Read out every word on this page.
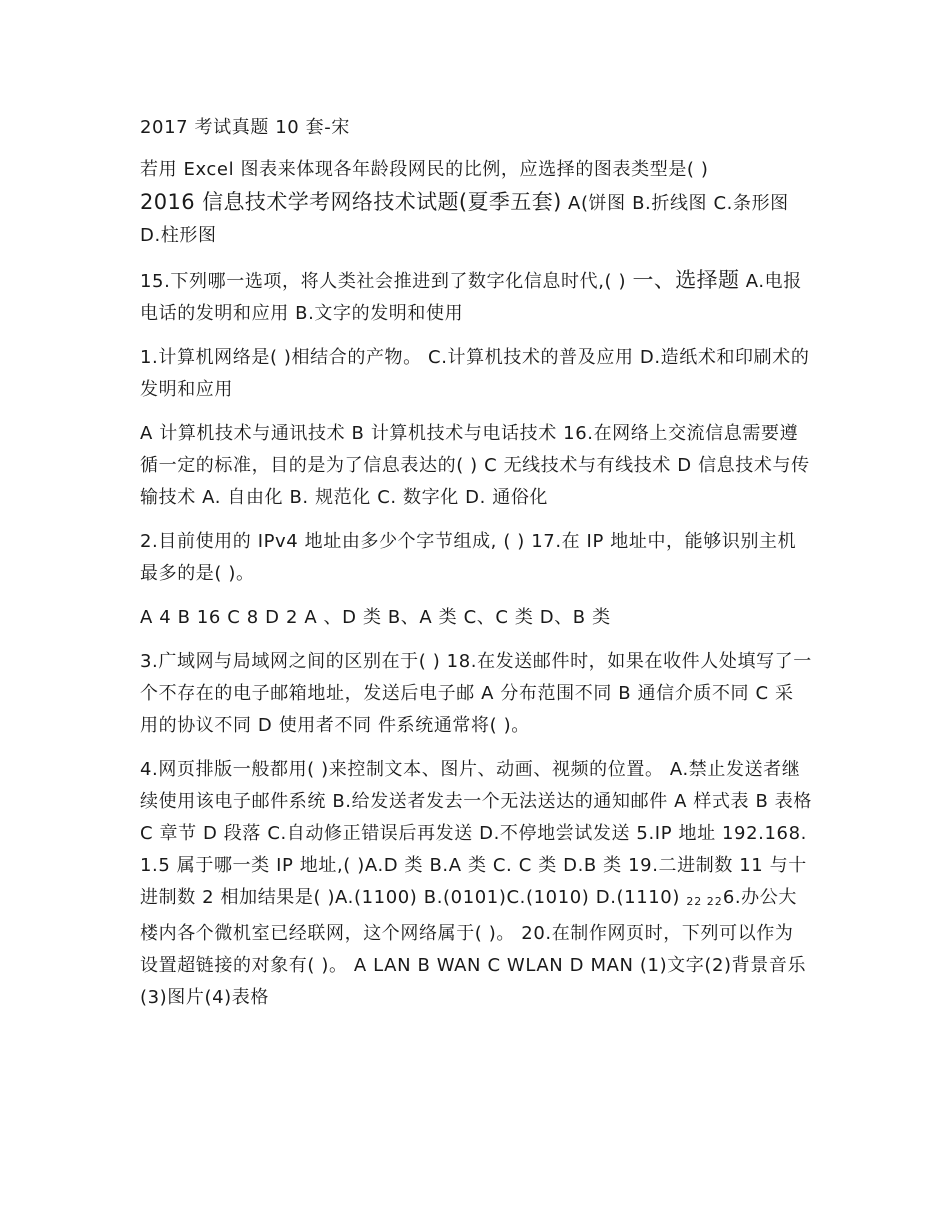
2017 考试真题 10 套-宋
若用 Excel 图表来体现各年龄段网民的比例，应选择的图表类型是( )
2016 信息技术学考网络技术试题(夏季五套) A(饼图 B.折线图 C.条形图 D.柱形图
15.下列哪一选项，将人类社会推进到了数字化信息时代,( ) 一、选择题 A.电报电话的发明和应用 B.文字的发明和使用
1.计算机网络是( )相结合的产物。 C.计算机技术的普及应用 D.造纸术和印刷术的发明和应用
A 计算机技术与通讯技术 B 计算机技术与电话技术 16.在网络上交流信息需要遵循一定的标准，目的是为了信息表达的( ) C 无线技术与有线技术 D 信息技术与传输技术 A. 自由化 B. 规范化 C. 数字化 D. 通俗化
2.目前使用的 IPv4 地址由多少个字节组成, ( ) 17.在 IP 地址中，能够识别主机最多的是( )。
A 4 B 16 C 8 D 2 A 、D 类 B、A 类 C、C 类 D、B 类
3.广域网与局域网之间的区别在于( ) 18.在发送邮件时，如果在收件人处填写了一个不存在的电子邮箱地址，发送后电子邮 A 分布范围不同 B 通信介质不同 C 采用的协议不同 D 使用者不同 件系统通常将( )。
4.网页排版一般都用( )来控制文本、图片、动画、视频的位置。 A.禁止发送者继续使用该电子邮件系统 B.给发送者发去一个无法送达的通知邮件 A 样式表 B 表格 C 章节 D 段落 C.自动修正错误后再发送 D.不停地尝试发送 5.IP 地址 192.168.1.5 属于哪一类 IP 地址,( )A.D 类 B.A 类 C. C 类 D.B 类 19.二进制数 11 与十进制数 2 相加结果是( )A.(1100) B.(0101)C.(1010) D.(1110) 22 226.办公大楼内各个微机室已经联网，这个网络属于( )。 20.在制作网页时，下列可以作为设置超链接的对象有( )。 A LAN B WAN C WLAN D MAN (1)文字(2)背景音乐(3)图片(4)表格
